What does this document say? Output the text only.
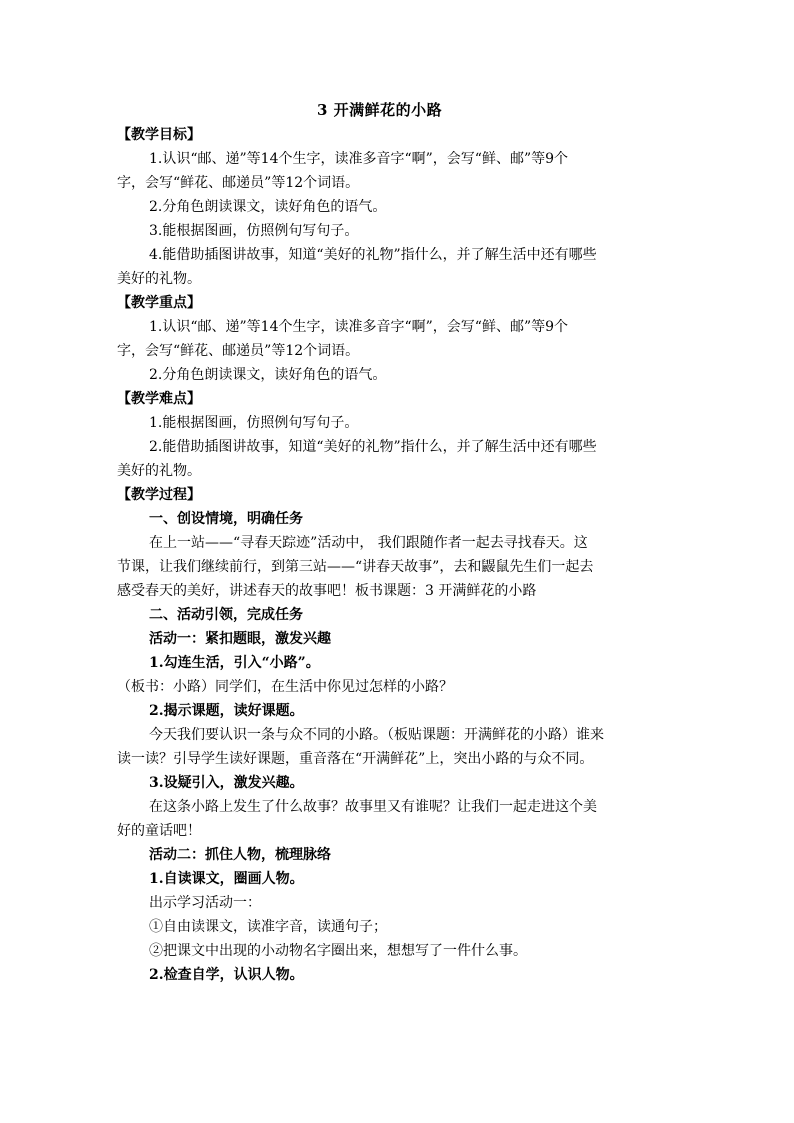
3 开满鲜花的小路
【教学目标】
1.认识“邮、递”等14个生字，读准多音字“啊”，会写“鲜、邮”等9个
字，会写“鲜花、邮递员”等12个词语。
2.分角色朗读课文，读好角色的语气。
3.能根据图画，仿照例句写句子。
4.能借助插图讲故事，知道“美好的礼物”指什么，并了解生活中还有哪些
美好的礼物。
【教学重点】
1.认识“邮、递”等14个生字，读准多音字“啊”，会写“鲜、邮”等9个
字，会写“鲜花、邮递员”等12个词语。
2.分角色朗读课文，读好角色的语气。
【教学难点】
1.能根据图画，仿照例句写句子。
2.能借助插图讲故事，知道“美好的礼物”指什么，并了解生活中还有哪些
美好的礼物。
【教学过程】
一、创设情境，明确任务
在上一站——“寻春天踪迹”活动中， 我们跟随作者一起去寻找春天。这
节课，让我们继续前行，到第三站——“讲春天故事”，去和鼹鼠先生们一起去
感受春天的美好，讲述春天的故事吧！板书课题：3 开满鲜花的小路
二、活动引领，完成任务
活动一：紧扣题眼，激发兴趣
1.勾连生活，引入“小路”。
（板书：小路）同学们，在生活中你见过怎样的小路？
2.揭示课题，读好课题。
今天我们要认识一条与众不同的小路。（板贴课题：开满鲜花的小路）谁来
读一读？引导学生读好课题，重音落在“开满鲜花”上，突出小路的与众不同。
3.设疑引入，激发兴趣。
在这条小路上发生了什么故事？故事里又有谁呢？让我们一起走进这个美
好的童话吧！
活动二：抓住人物，梳理脉络
1.自读课文，圈画人物。
出示学习活动一：
①自由读课文，读准字音，读通句子；
②把课文中出现的小动物名字圈出来，想想写了一件什么事。
2.检查自学，认识人物。
